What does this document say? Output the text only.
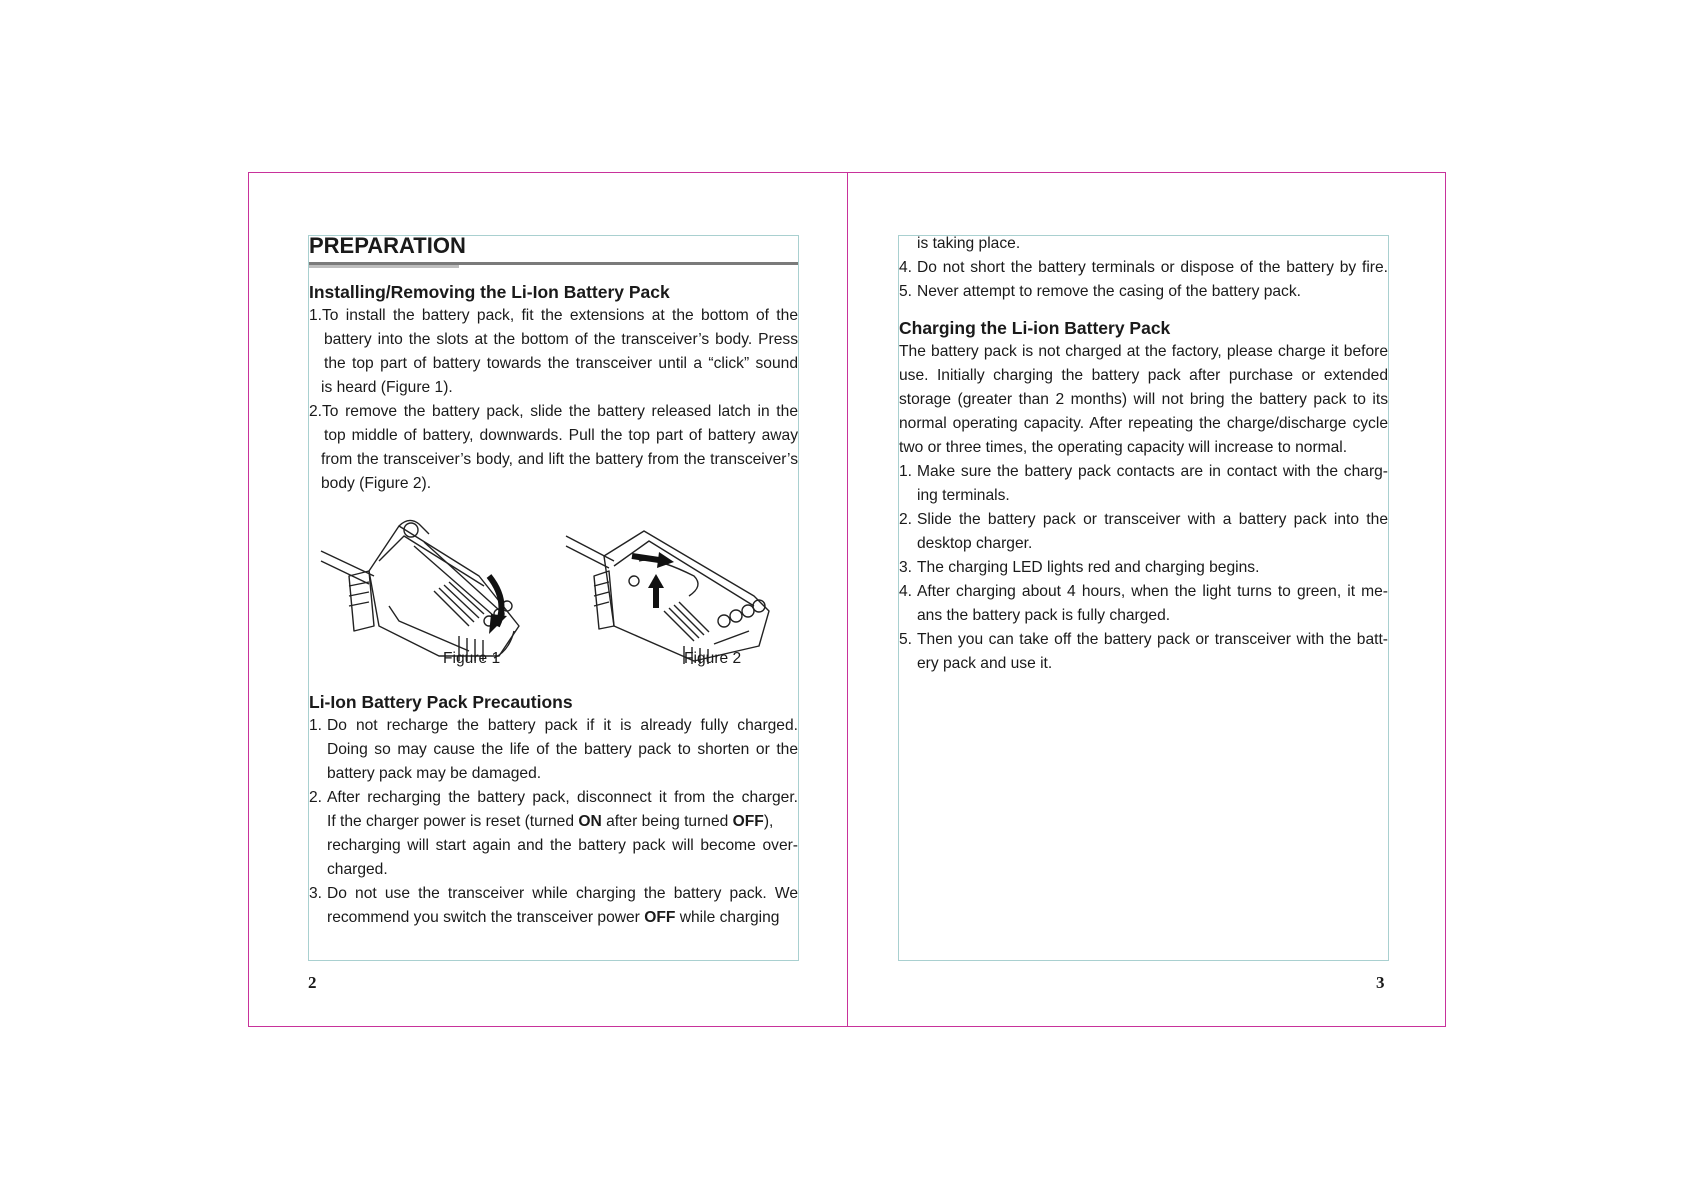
PREPARATION
Installing/Removing the Li-Ion Battery Pack
1.To install the battery pack, fit the extensions at the bottom of the
battery into the slots at the bottom of the transceiver’s body. Press
the top part of battery towards the transceiver until a “click” sound
is heard (Figure 1).
2.To remove the battery pack, slide the battery released latch in the
top middle of battery, downwards. Pull the top part of battery away
from the transceiver’s body, and lift the battery from the transceiver’s
body (Figure 2).
Figure 1	Figure 2
Li-Ion Battery Pack Precautions
1. Do not recharge the battery pack if it is already fully charged.
Doing so may cause the life of the battery pack to shorten or the
battery pack may be damaged.
2. After recharging the battery pack, disconnect it from the charger.
If the charger power is reset (turned ON after being turned OFF),
recharging will start again and the battery pack will become over-
charged.
3. Do not use the transceiver while charging the battery pack. We
recommend you switch the transceiver power OFF while charging
2
is taking place.
4. Do not short the battery terminals or dispose of the battery by fire.
5. Never attempt to remove the casing of the battery pack.
Charging the Li-ion Battery Pack
The battery pack is not charged at the factory, please charge it before
use. Initially charging the battery pack after purchase or extended
storage (greater than 2 months) will not bring the battery pack to its
normal operating capacity. After repeating the charge/discharge cycle
two or three times, the operating capacity will increase to normal.
1. Make sure the battery pack contacts are in contact with the charg-
ing terminals.
2. Slide the battery pack or transceiver with a battery pack into the
desktop charger.
3. The charging LED lights red and charging begins.
4. After charging about 4 hours, when the light turns to green, it me-
ans the battery pack is fully charged.
5. Then you can take off the battery pack or transceiver with the batt-
ery pack and use it.
3
